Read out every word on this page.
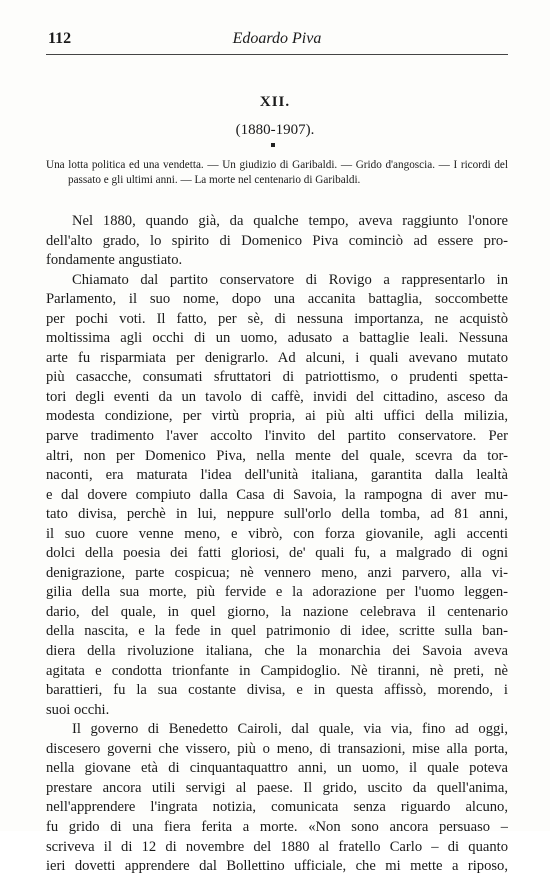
112	Edoardo Piva
XII.
(1880-1907).
Una lotta politica ed una vendetta. — Un giudizio di Garibaldi. — Grido d'angoscia. — I ricordi del passato e gli ultimi anni. — La morte nel centenario di Garibaldi.
Nel 1880, quando già, da qualche tempo, aveva raggiunto l'onore
dell'alto grado, lo spirito di Domenico Piva cominciò ad essere pro-
fondamente angustiato.
Chiamato dal partito conservatore di Rovigo a rappresentarlo in
Parlamento, il suo nome, dopo una accanita battaglia, soccombette
per pochi voti. Il fatto, per sè, di nessuna importanza, ne acquistò
moltissima agli occhi di un uomo, adusato a battaglie leali. Nessuna
arte fu risparmiata per denigrarlo. Ad alcuni, i quali avevano mutato
più casacche, consumati sfruttatori di patriottismo, o prudenti spetta-
tori degli eventi da un tavolo di caffè, invidi del cittadino, asceso da
modesta condizione, per virtù propria, ai più alti uffici della milizia,
parve tradimento l'aver accolto l'invito del partito conservatore. Per
altri, non per Domenico Piva, nella mente del quale, scevra da tor-
naconti, era maturata l'idea dell'unità italiana, garantita dalla lealtà
e dal dovere compiuto dalla Casa di Savoia, la rampogna di aver mu-
tato divisa, perchè in lui, neppure sull'orlo della tomba, ad 81 anni,
il suo cuore venne meno, e vibrò, con forza giovanile, agli accenti
dolci della poesia dei fatti gloriosi, de' quali fu, a malgrado di ogni
denigrazione, parte cospicua; nè vennero meno, anzi parvero, alla vi-
gilia della sua morte, più fervide e la adorazione per l'uomo leggen-
dario, del quale, in quel giorno, la nazione celebrava il centenario
della nascita, e la fede in quel patrimonio di idee, scritte sulla ban-
diera della rivoluzione italiana, che la monarchia dei Savoia aveva
agitata e condotta trionfante in Campidoglio. Nè tiranni, nè preti, nè
barattieri, fu la sua costante divisa, e in questa affissò, morendo, i
suoi occhi.
Il governo di Benedetto Cairoli, dal quale, via via, fino ad oggi,
discesero governi che vissero, più o meno, di transazioni, mise alla porta,
nella giovane età di cinquantaquattro anni, un uomo, il quale poteva
prestare ancora utili servigi al paese. Il grido, uscito da quell'anima,
nell'apprendere l'ingrata notizia, comunicata senza riguardo alcuno,
fu grido di una fiera ferita a morte. «Non sono ancora persuaso –
scriveva il di 12 di novembre del 1880 al fratello Carlo – di quanto
ieri dovetti apprendere dal Bollettino ufficiale, che mi mette a riposo,
